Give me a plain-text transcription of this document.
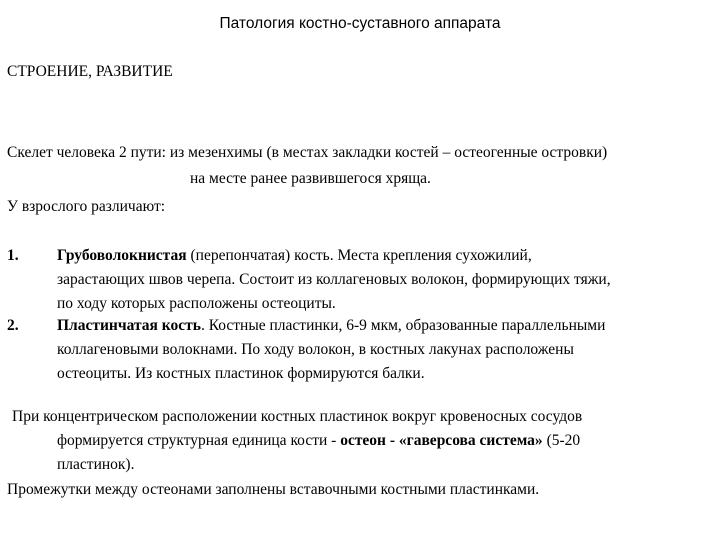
Патология костно-суставного аппарата
СТРОЕНИЕ, РАЗВИТИЕ
Скелет человека 2 пути: из мезенхимы (в местах закладки костей – остеогенные островки)
на месте ранее развившегося хряща.
У взрослого различают:
1. Грубоволокнистая (перепончатая) кость. Места крепления сухожилий,
зарастающих швов черепа. Состоит из коллагеновых волокон, формирующих тяжи,
по ходу которых расположены остеоциты.
2. Пластинчатая кость. Костные пластинки, 6-9 мкм, образованные параллельными
коллагеновыми волокнами. По ходу волокон, в костных лакунах расположены
остеоциты. Из костных пластинок формируются балки.
При концентрическом расположении костных пластинок вокруг кровеносных сосудов
формируется структурная единица кости - остеон - «гаверсова система» (5-20
пластинок).
Промежутки между остеонами заполнены вставочными костными пластинками.
